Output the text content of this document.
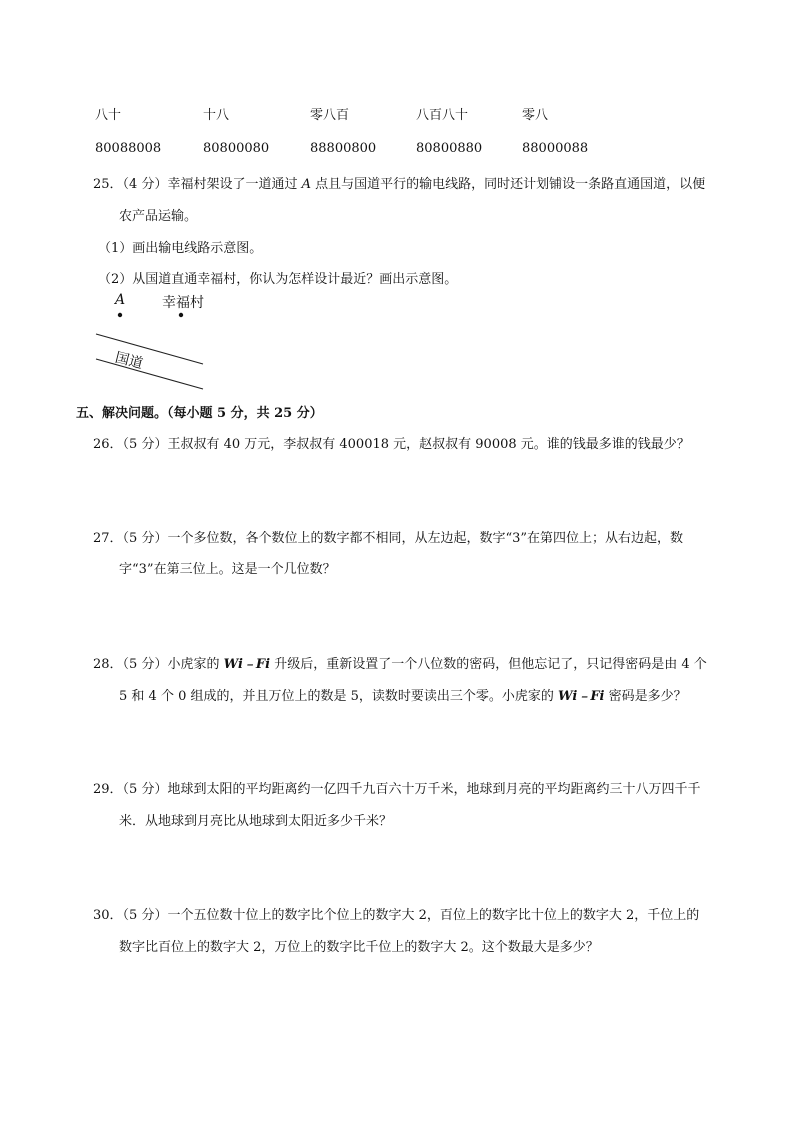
八十	十八	零八百	八百八十	零八
80088008	80800080	88800800	80800880	88000088
25．（4 分）幸福村架设了一道通过 A 点且与国道平行的输电线路，同时还计划铺设一条路直通国道，以便
农产品运输。
（1）画出输电线路示意图。
（2）从国道直通幸福村，你认为怎样设计最近？画出示意图。
A	幸福村
国道
五、解决问题。（每小题 5 分，共 25 分）
26．（5 分）王叔叔有 40 万元，李叔叔有 400018 元，赵叔叔有 90008 元。谁的钱最多谁的钱最少？
27．（5 分）一个多位数，各个数位上的数字都不相同，从左边起，数字“3”在第四位上；从右边起，数
字“3”在第三位上。这是一个几位数？
28．（5 分）小虎家的 Wi﹣Fi 升级后，重新设置了一个八位数的密码，但他忘记了，只记得密码是由 4 个
5 和 4 个 0 组成的，并且万位上的数是 5，读数时要读出三个零。小虎家的 Wi﹣Fi 密码是多少？
29．（5 分）地球到太阳的平均距离约一亿四千九百六十万千米，地球到月亮的平均距离约三十八万四千千
米．从地球到月亮比从地球到太阳近多少千米？
30．（5 分）一个五位数十位上的数字比个位上的数字大 2，百位上的数字比十位上的数字大 2，千位上的
数字比百位上的数字大 2，万位上的数字比千位上的数字大 2。这个数最大是多少？
